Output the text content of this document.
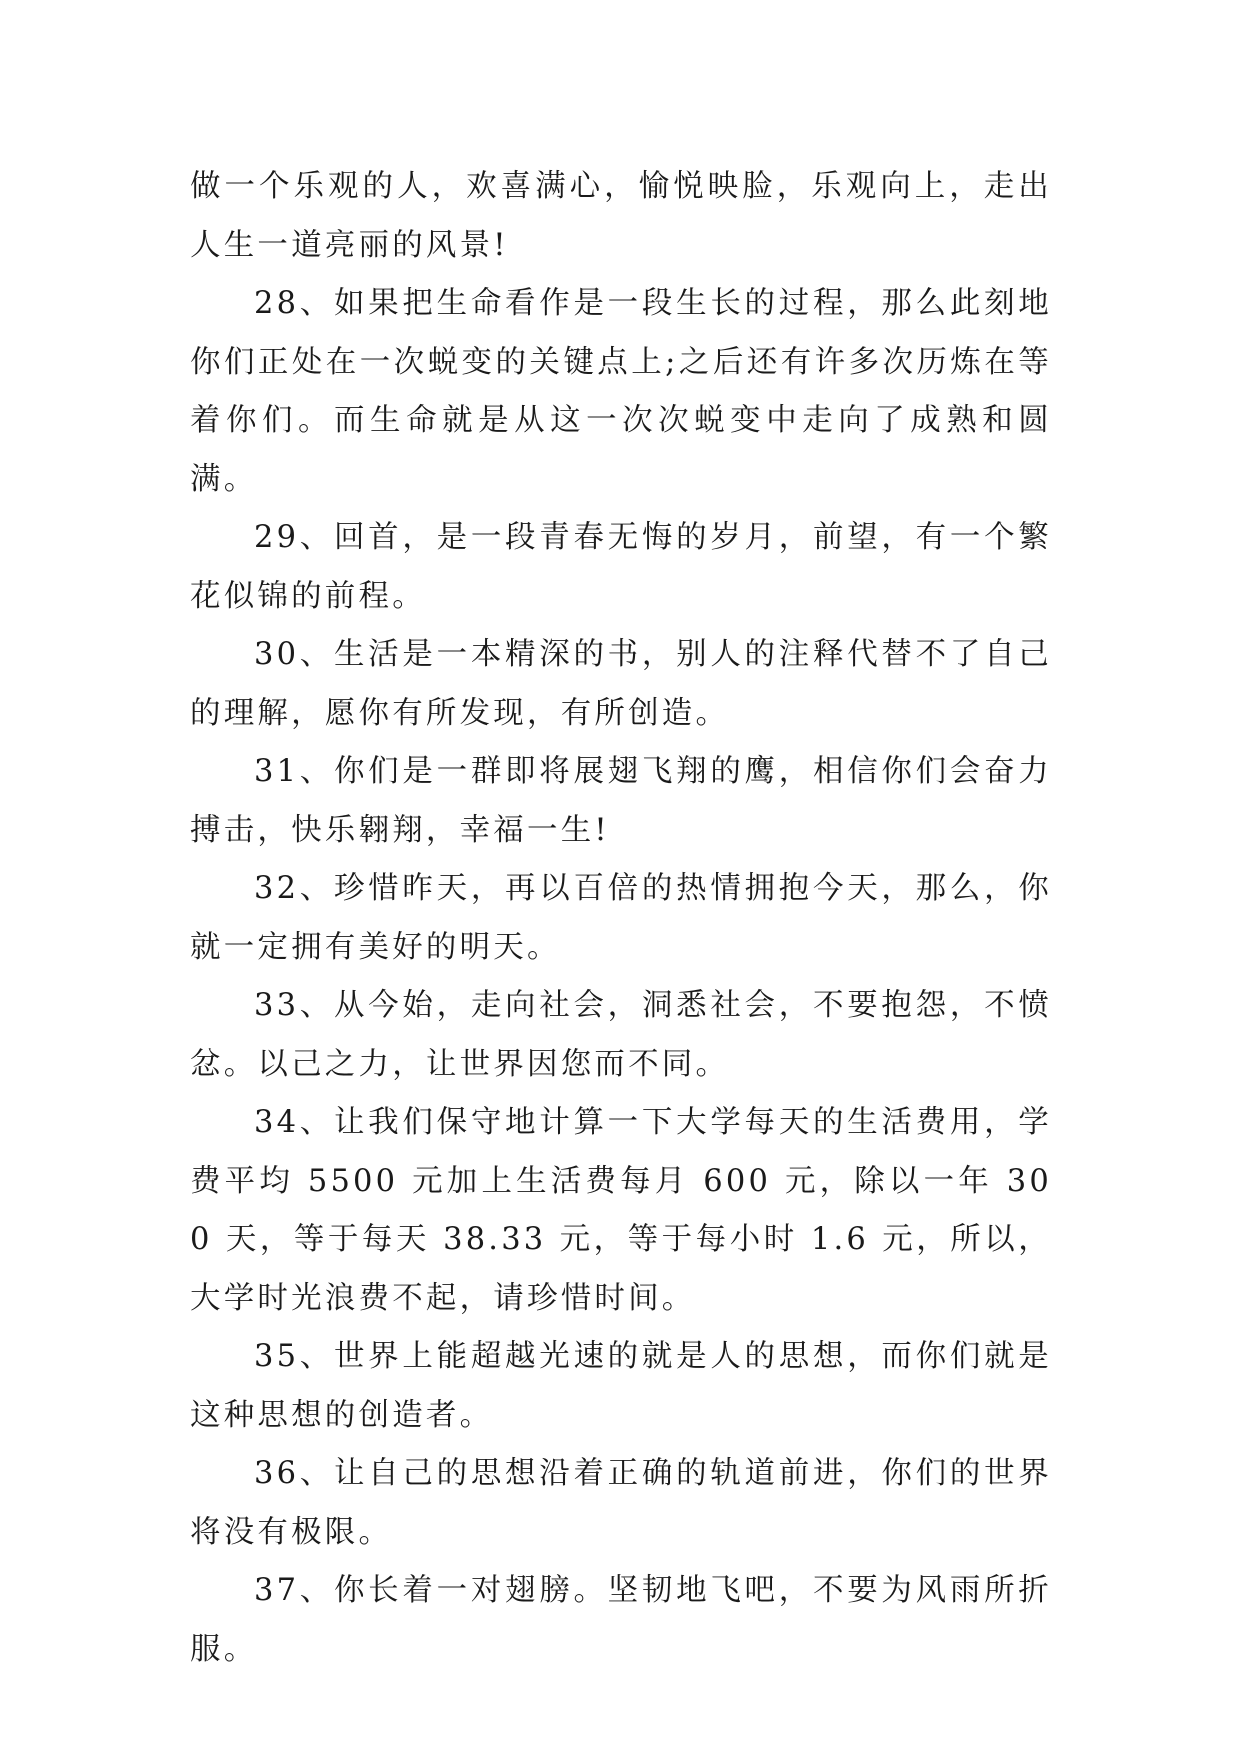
做一个乐观的人，欢喜满心，愉悦映脸，乐观向上，走出人生一道亮丽的风景!

28、如果把生命看作是一段生长的过程，那么此刻地你们正处在一次蜕变的关键点上;之后还有许多次历炼在等着你们。而生命就是从这一次次蜕变中走向了成熟和圆满。

29、回首，是一段青春无悔的岁月，前望，有一个繁花似锦的前程。

30、生活是一本精深的书，别人的注释代替不了自己的理解，愿你有所发现，有所创造。

31、你们是一群即将展翅飞翔的鹰，相信你们会奋力搏击，快乐翱翔，幸福一生!

32、珍惜昨天，再以百倍的热情拥抱今天，那么，你就一定拥有美好的明天。

33、从今始，走向社会，洞悉社会，不要抱怨，不愤忿。以己之力，让世界因您而不同。

34、让我们保守地计算一下大学每天的生活费用，学费平均 5500 元加上生活费每月 600 元，除以一年 300 天，等于每天 38.33 元，等于每小时 1.6 元，所以，大学时光浪费不起，请珍惜时间。

35、世界上能超越光速的就是人的思想，而你们就是这种思想的创造者。

36、让自己的思想沿着正确的轨道前进，你们的世界将没有极限。

37、你长着一对翅膀。坚韧地飞吧，不要为风雨所折服。
